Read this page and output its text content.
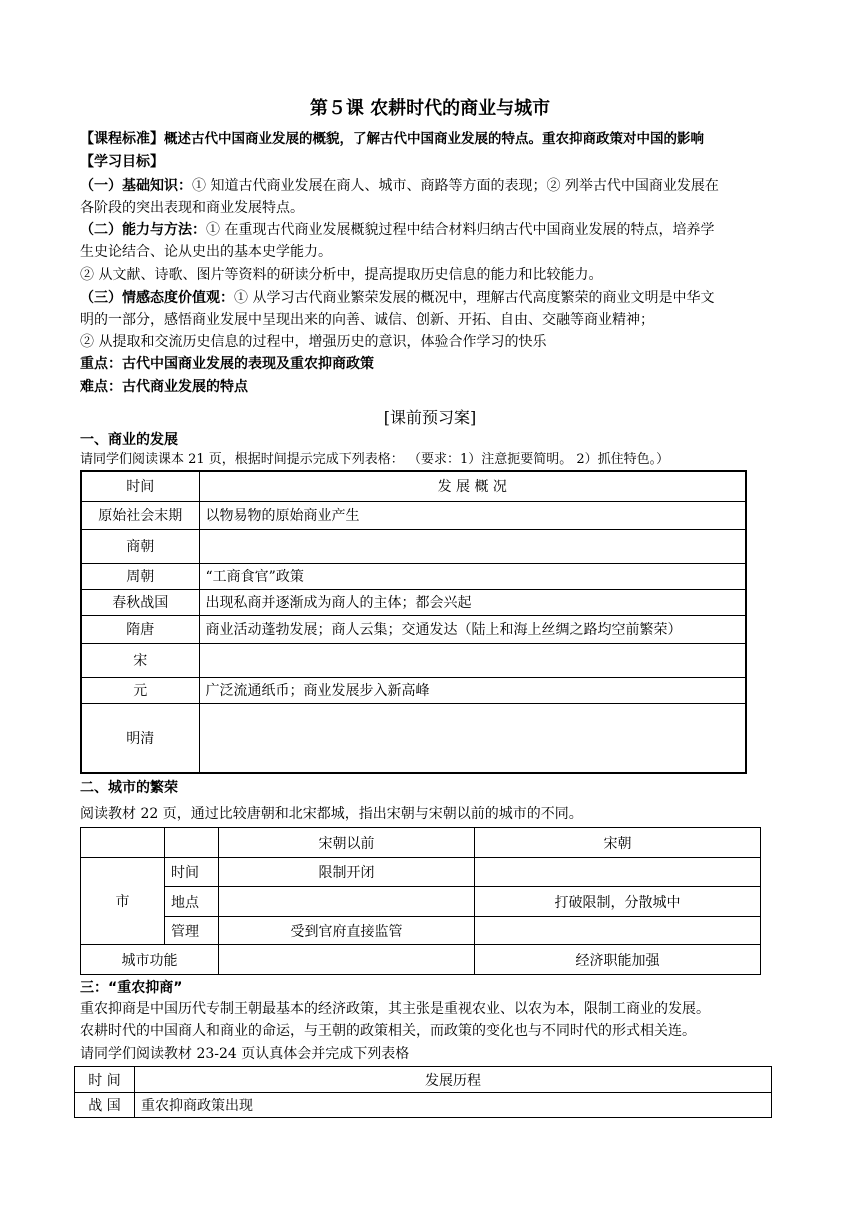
第５课 农耕时代的商业与城市
【课程标准】概述古代中国商业发展的概貌，了解古代中国商业发展的特点。重农抑商政策对中国的影响
【学习目标】
（一）基础知识：① 知道古代商业发展在商人、城市、商路等方面的表现；② 列举古代中国商业发展在
各阶段的突出表现和商业发展特点。
（二）能力与方法：① 在重现古代商业发展概貌过程中结合材料归纳古代中国商业发展的特点，培养学
生史论结合、论从史出的基本史学能力。
② 从文献、诗歌、图片等资料的研读分析中，提高提取历史信息的能力和比较能力。
（三）情感态度价值观：① 从学习古代商业繁荣发展的概况中，理解古代高度繁荣的商业文明是中华文
明的一部分，感悟商业发展中呈现出来的向善、诚信、创新、开拓、自由、交融等商业精神；
② 从提取和交流历史信息的过程中，增强历史的意识，体验合作学习的快乐
重点：古代中国商业发展的表现及重农抑商政策
难点：古代商业发展的特点
[课前预习案]
一、商业的发展
请同学们阅读课本 21 页，根据时间提示完成下列表格： （要求：1）注意扼要简明。 2）抓住特色。）
时间	发 展 概 况
原始社会末期	以物易物的原始商业产生
商朝	
周朝	“工商食官”政策
春秋战国	出现私商并逐渐成为商人的主体；都会兴起
隋唐	商业活动蓬勃发展；商人云集；交通发达（陆上和海上丝绸之路均空前繁荣）
宋	
元	广泛流通纸币；商业发展步入新高峰
明清	
二、城市的繁荣
阅读教材 22 页，通过比较唐朝和北宋都城，指出宋朝与宋朝以前的城市的不同。
		宋朝以前	宋朝
市	时间	限制开闭	
	地点		打破限制，分散城中
	管理	受到官府直接监管	
城市功能			经济职能加强
三：“重农抑商”
重农抑商是中国历代专制王朝最基本的经济政策，其主张是重视农业、以农为本，限制工商业的发展。
农耕时代的中国商人和商业的命运，与王朝的政策相关，而政策的变化也与不同时代的形式相关连。
请同学们阅读教材 23-24 页认真体会并完成下列表格
时 间	发展历程
战 国	重农抑商政策出现
